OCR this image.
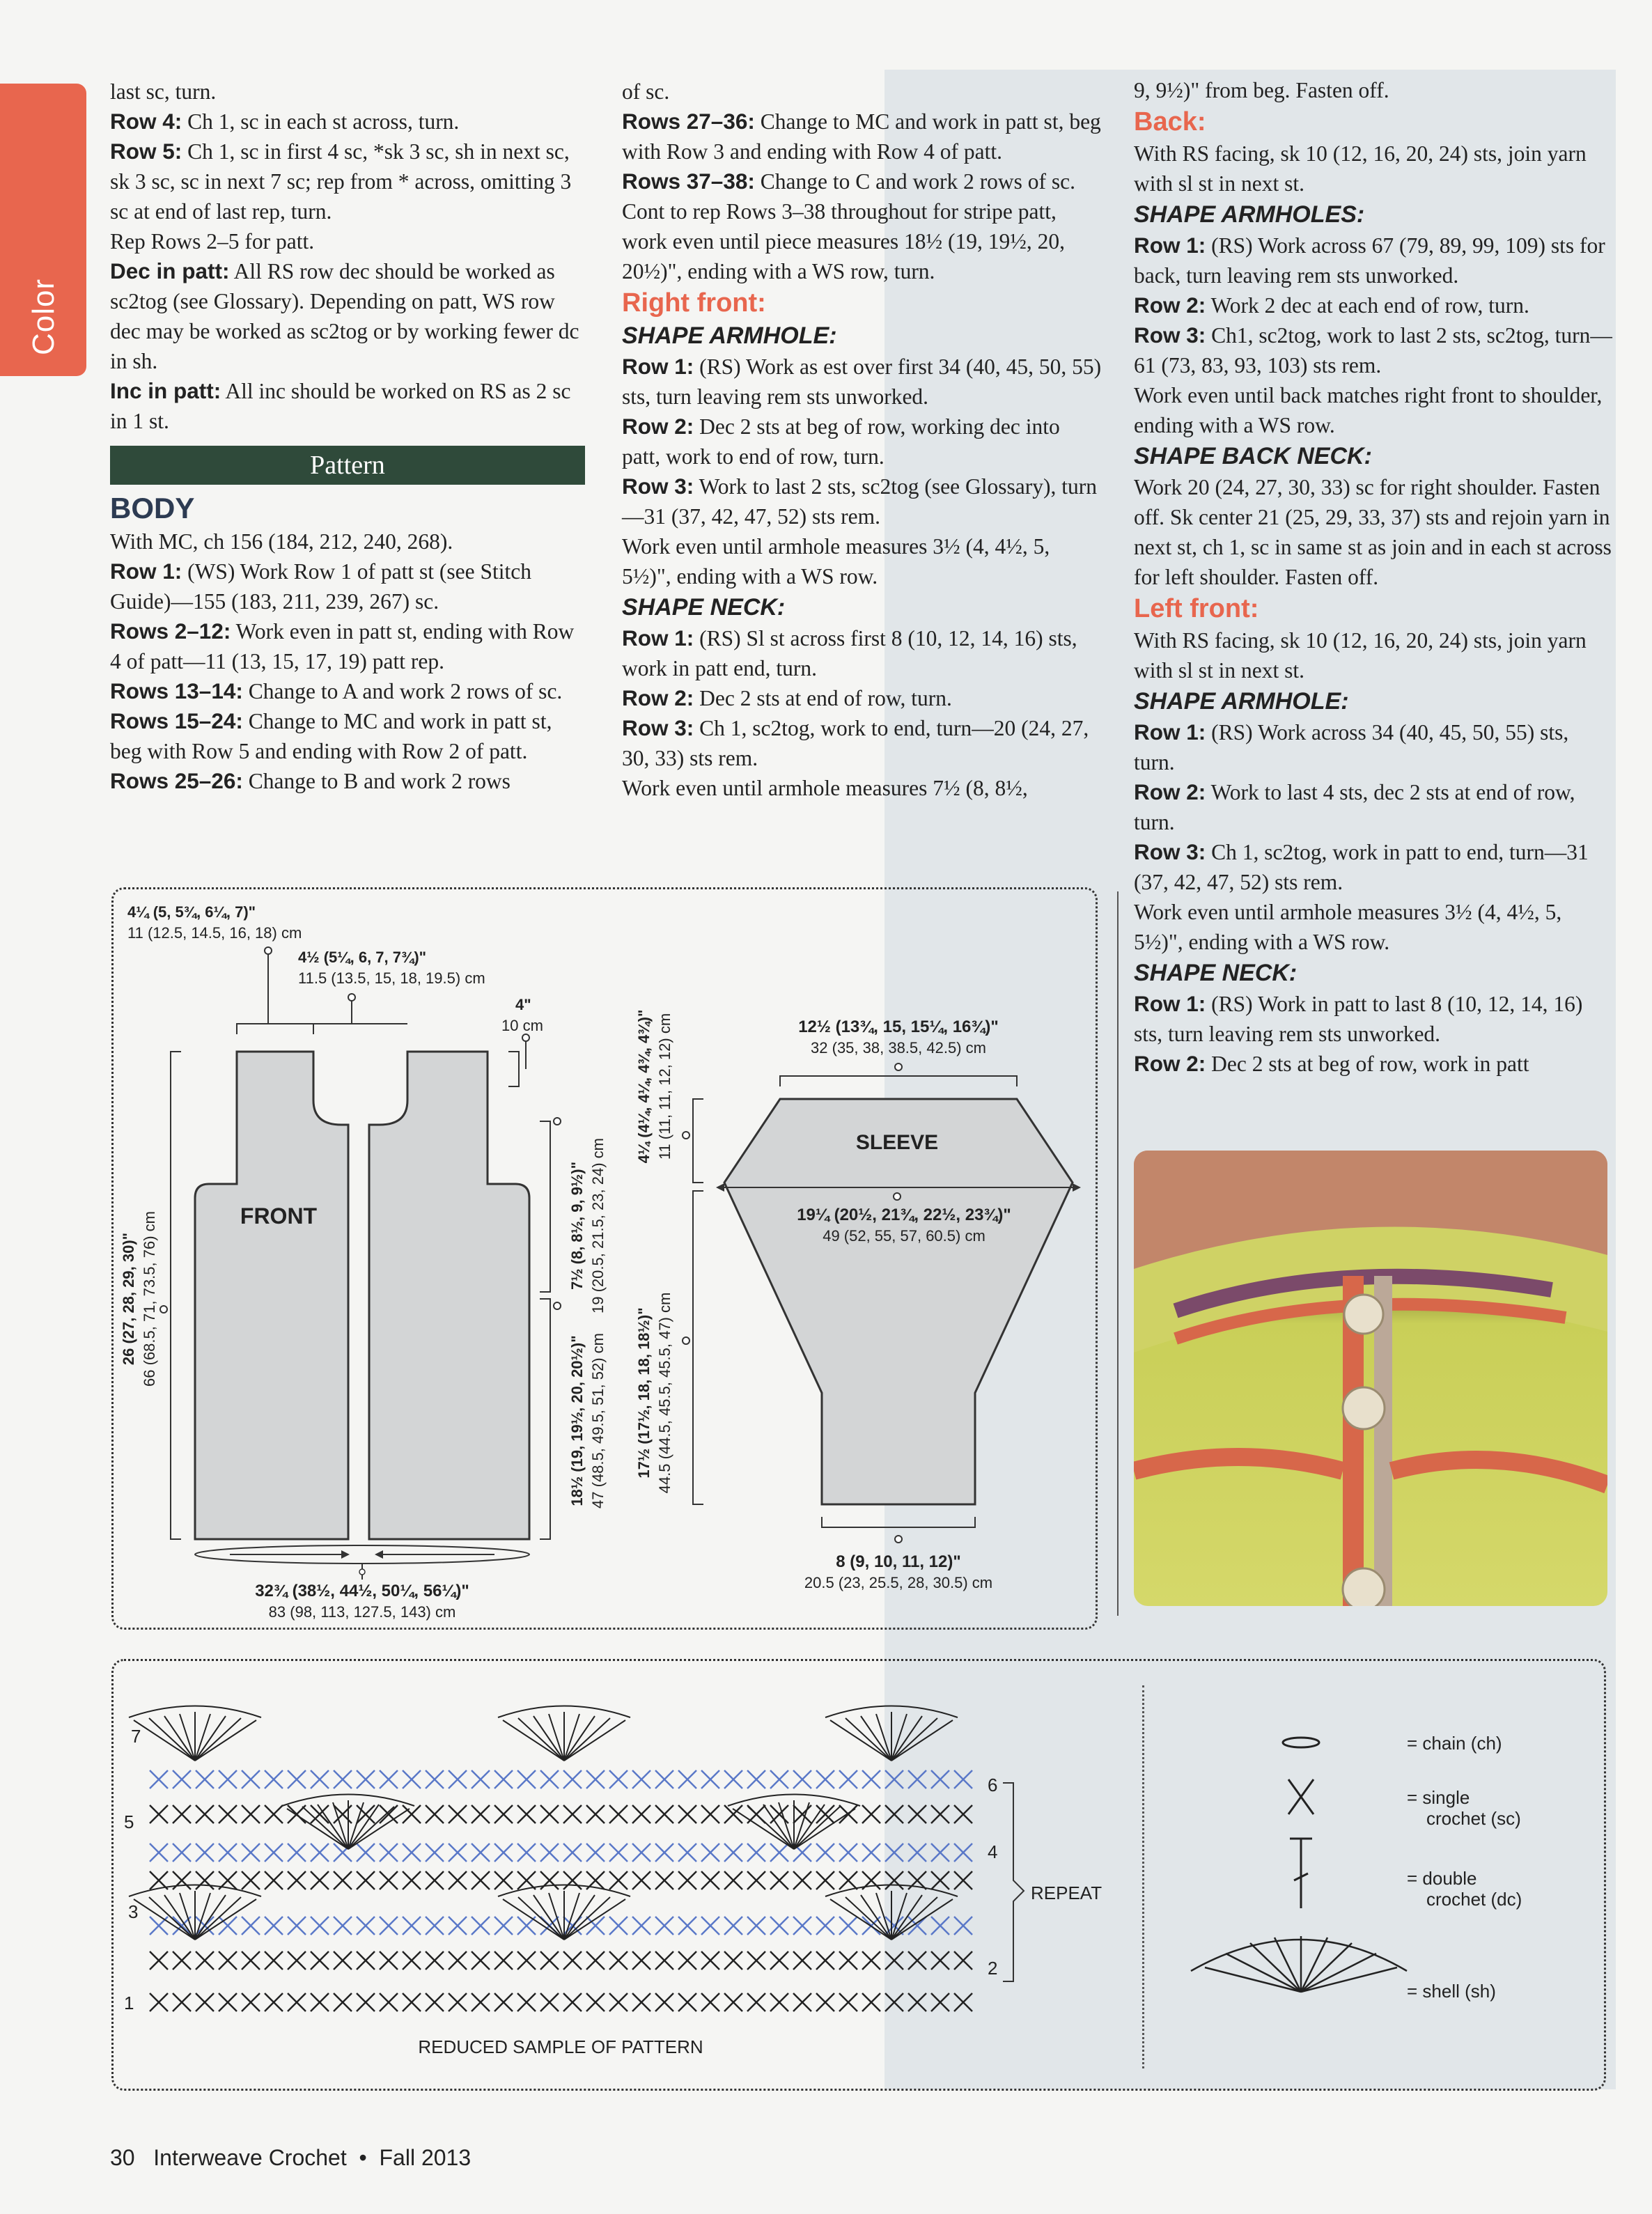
Color

last sc, turn.

Row 4: Ch 1, sc in each st across, turn.

Row 5: Ch 1, sc in first 4 sc, *sk 3 sc, sh in next sc, sk 3 sc, sc in next 7 sc; rep from * across, omitting 3 sc at end of last rep, turn.

Rep Rows 2–5 for patt.

Dec in patt: All RS row dec should be worked as sc2tog (see Glossary). Depending on patt, WS row dec may be worked as sc2tog or by working fewer dc in sh.

Inc in patt: All inc should be worked on RS as 2 sc in 1 st.

Pattern
BODY

With MC, ch 156 (184, 212, 240, 268).

Row 1: (WS) Work Row 1 of patt st (see Stitch Guide)—155 (183, 211, 239, 267) sc.

Rows 2–12: Work even in patt st, ending with Row 4 of patt—11 (13, 15, 17, 19) patt rep.

Rows 13–14: Change to A and work 2 rows of sc.

Rows 15–24: Change to MC and work in patt st, beg with Row 5 and ending with Row 2 of patt.

Rows 25–26: Change to B and work 2 rows

of sc.

Rows 27–36: Change to MC and work in patt st, beg with Row 3 and ending with Row 4 of patt.

Rows 37–38: Change to C and work 2 rows of sc.

Cont to rep Rows 3–38 throughout for stripe patt, work even until piece measures 18½ (19, 19½, 20, 20½)", ending with a WS row, turn.

Right front:
SHAPE ARMHOLE:

Row 1: (RS) Work as est over first 34 (40, 45, 50, 55) sts, turn leaving rem sts unworked.

Row 2: Dec 2 sts at beg of row, working dec into patt, work to end of row, turn.

Row 3: Work to last 2 sts, sc2tog (see Glossary), turn—31 (37, 42, 47, 52) sts rem.

Work even until armhole measures 3½ (4, 4½, 5, 5½)", ending with a WS row.

SHAPE NECK:

Row 1: (RS) Sl st across first 8 (10, 12, 14, 16) sts, work in patt end, turn.

Row 2: Dec 2 sts at end of row, turn.

Row 3: Ch 1, sc2tog, work to end, turn—20 (24, 27, 30, 33) sts rem.

Work even until armhole measures 7½ (8, 8½,

9, 9½)" from beg. Fasten off.

Back:

With RS facing, sk 10 (12, 16, 20, 24) sts, join yarn with sl st in next st.

SHAPE ARMHOLES:

Row 1: (RS) Work across 67 (79, 89, 99, 109) sts for back, turn leaving rem sts unworked.

Row 2: Work 2 dec at each end of row, turn.

Row 3: Ch1, sc2tog, work to last 2 sts, sc2tog, turn—61 (73, 83, 93, 103) sts rem.

Work even until back matches right front to shoulder, ending with a WS row.

SHAPE BACK NECK:

Work 20 (24, 27, 30, 33) sc for right shoulder. Fasten off. Sk center 21 (25, 29, 33, 37) sts and rejoin yarn in next st, ch 1, sc in same st as join and in each st across for left shoulder. Fasten off.

Left front:

With RS facing, sk 10 (12, 16, 20, 24) sts, join yarn with sl st in next st.

SHAPE ARMHOLE:

Row 1: (RS) Work across 34 (40, 45, 50, 55) sts, turn.

Row 2: Work to last 4 sts, dec 2 sts at end of row, turn.

Row 3: Ch 1, sc2tog, work in patt to end, turn—31 (37, 42, 47, 52) sts rem.

Work even until armhole measures 3½ (4, 4½, 5, 5½)", ending with a WS row.

SHAPE NECK:

Row 1: (RS) Work in patt to last 8 (10, 12, 14, 16) sts, turn leaving rem sts unworked.

Row 2: Dec 2 sts at beg of row, work in patt

FRONT
32¾ (38½, 44½, 50¼, 56¼)"
83 (98, 113, 127.5, 143) cm
4¼ (5, 5¾, 6¼, 7)"
11 (12.5, 14.5, 16, 18) cm
4½ (5¼, 6, 7, 7¾)"
11.5 (13.5, 15, 18, 19.5) cm
4"
10 cm
7½ (8, 8½, 9, 9½)" 19 (20.5, 21.5, 23, 24) cm
18½ (19, 19½, 20, 20½)" 47 (48.5, 49.5, 51, 52) cm
26 (27, 28, 29, 30)" 66 (68.5, 71, 73.5, 76) cm
SLEEVE
19¼ (20½, 21¾, 22½, 23¾)"
49 (52, 55, 57, 60.5) cm
12½ (13¾, 15, 15¼, 16¾)"
32 (35, 38, 38.5, 42.5) cm
4¼ (4¼, 4¼, 4¾, 4¾)" 11 (11, 11, 12, 12) cm
17½ (17½, 18, 18, 18½)" 44.5 (44.5, 45.5, 45.5, 47) cm
8 (9, 10, 11, 12)"
20.5 (23, 25.5, 28, 30.5) cm
7
5
3
1
6
4
2
REPEAT
REDUCED SAMPLE OF PATTERN
= chain (ch)
= single
crochet (sc)
= double
crochet (dc)
= shell (sh)
30 Interweave Crochet • Fall 2013
